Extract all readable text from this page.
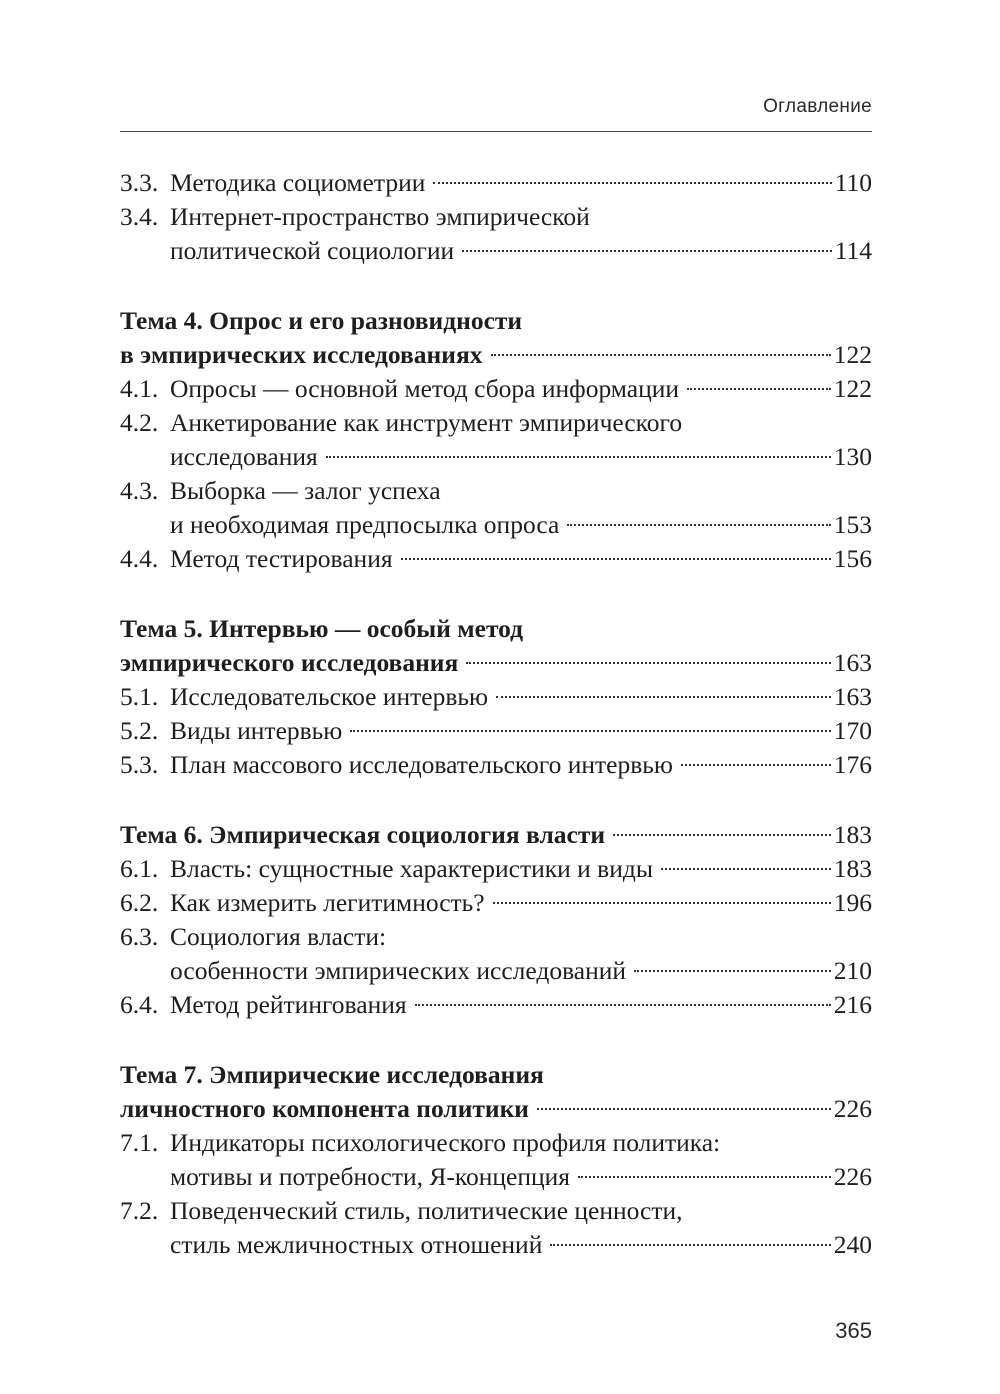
Оглавление
3.3. Методика социометрии	110
3.4. Интернет-пространство эмпирической
политической социологии	114
Тема 4. Опрос и его разновидности
в эмпирических исследованиях	122
4.1. Опросы — основной метод сбора информации	122
4.2. Анкетирование как инструмент эмпирического
исследования	130
4.3. Выборка — залог успеха
и необходимая предпосылка опроса	153
4.4. Метод тестирования	156
Тема 5. Интервью — особый метод
эмпирического исследования	163
5.1. Исследовательское интервью	163
5.2. Виды интервью	170
5.3. План массового исследовательского интервью	176
Тема 6. Эмпирическая социология власти	183
6.1. Власть: сущностные характеристики и виды	183
6.2. Как измерить легитимность?	196
6.3. Социология власти:
особенности эмпирических исследований	210
6.4. Метод рейтингования	216
Тема 7. Эмпирические исследования
личностного компонента политики	226
7.1. Индикаторы психологического профиля политика:
мотивы и потребности, Я-концепция	226
7.2. Поведенческий стиль, политические ценности,
стиль межличностных отношений	240
365
